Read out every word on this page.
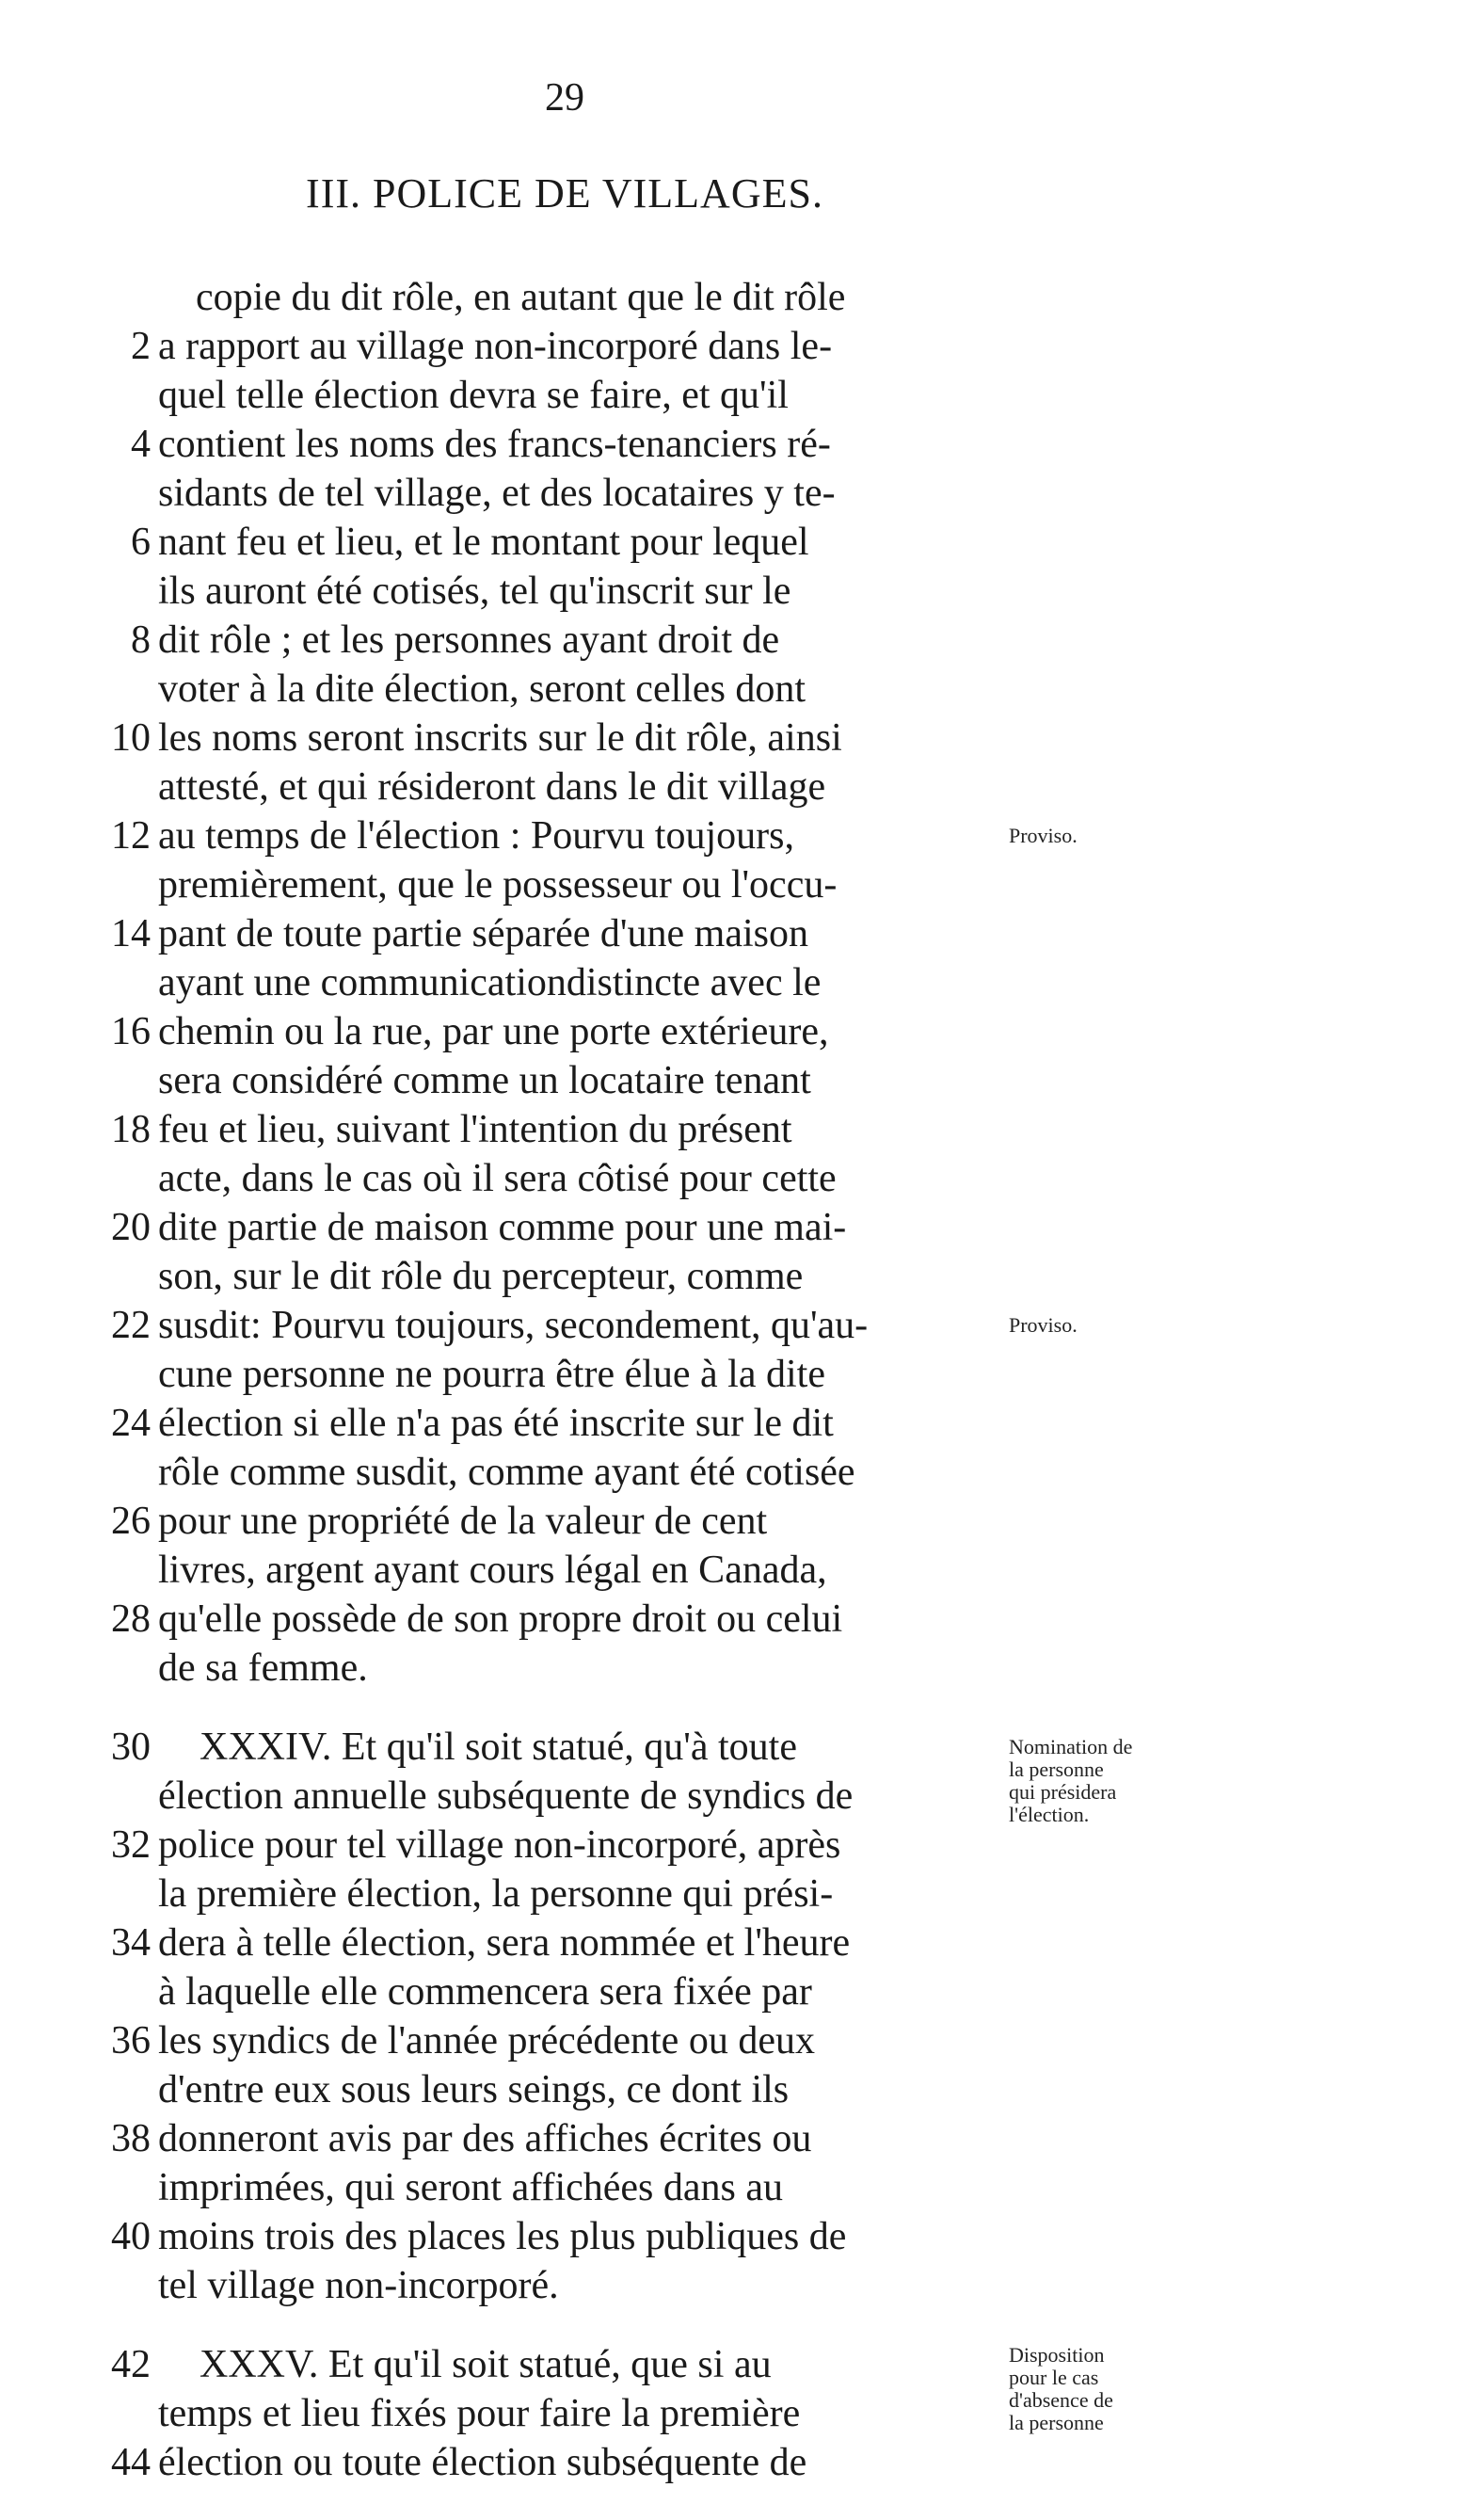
29
III. POLICE DE VILLAGES.
copie du dit rôle, en autant que le dit rôle
2 a rapport au village non-incorporé dans le-
quel telle élection devra se faire, et qu'il
4 contient les noms des francs-tenanciers ré-
sidants de tel village, et des locataires y te-
6 nant feu et lieu, et le montant pour lequel
ils auront été cotisés, tel qu'inscrit sur le
8 dit rôle ; et les personnes ayant droit de
voter à la dite élection, seront celles dont
10 les noms seront inscrits sur le dit rôle, ainsi
attesté, et qui résideront dans le dit village
12 au temps de l'élection : Pourvu toujours,
premièrement, que le possesseur ou l'occu-
14 pant de toute partie séparée d'une maison
ayant une communicationdistincte avec le
16 chemin ou la rue, par une porte extérieure,
sera considéré comme un locataire tenant
18 feu et lieu, suivant l'intention du présent
acte, dans le cas où il sera côtisé pour cette
20 dite partie de maison comme pour une mai-
son, sur le dit rôle du percepteur, comme
22 susdit: Pourvu toujours, secondement, qu'au-
cune personne ne pourra être élue à la dite
24 élection si elle n'a pas été inscrite sur le dit
rôle comme susdit, comme ayant été cotisée
26 pour une propriété de la valeur de cent
livres, argent ayant cours légal en Canada,
28 qu'elle possède de son propre droit ou celui
de sa femme.
30 XXXIV. Et qu'il soit statué, qu'à toute
élection annuelle subséquente de syndics de
32 police pour tel village non-incorporé, après
la première élection, la personne qui prési-
34 dera à telle élection, sera nommée et l'heure
à laquelle elle commencera sera fixée par
36 les syndics de l'année précédente ou deux
d'entre eux sous leurs seings, ce dont ils
38 donneront avis par des affiches écrites ou
imprimées, qui seront affichées dans au
40 moins trois des places les plus publiques de
tel village non-incorporé.
42 XXXV. Et qu'il soit statué, que si au
temps et lieu fixés pour faire la première
44 élection ou toute élection subséquente de
Proviso.
Proviso.
Nomination de
la personne
qui présidera
l'élection.
Disposition
pour le cas
d'absence de
la personne
